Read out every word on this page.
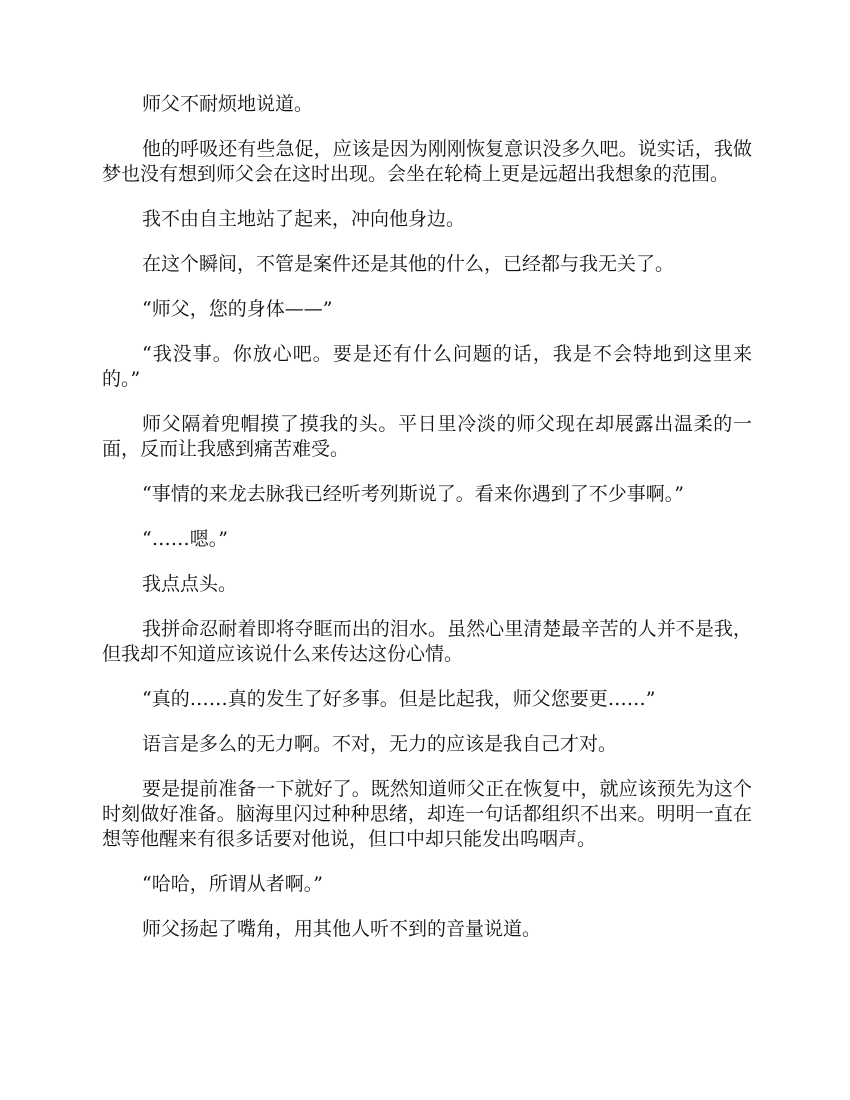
师父不耐烦地说道。

他的呼吸还有些急促，应该是因为刚刚恢复意识没多久吧。说实话，我做梦也没有想到师父会在这时出现。会坐在轮椅上更是远超出我想象的范围。

我不由自主地站了起来，冲向他身边。

在这个瞬间，不管是案件还是其他的什么，已经都与我无关了。

“师父，您的身体——”

“我没事。你放心吧。要是还有什么问题的话，我是不会特地到这里来的。”

师父隔着兜帽摸了摸我的头。平日里冷淡的师父现在却展露出温柔的一面，反而让我感到痛苦难受。

“事情的来龙去脉我已经听考列斯说了。看来你遇到了不少事啊。”

“……嗯。”

我点点头。

我拼命忍耐着即将夺眶而出的泪水。虽然心里清楚最辛苦的人并不是我，但我却不知道应该说什么来传达这份心情。

“真的……真的发生了好多事。但是比起我，师父您要更……”

语言是多么的无力啊。不对，无力的应该是我自己才对。

要是提前准备一下就好了。既然知道师父正在恢复中，就应该预先为这个时刻做好准备。脑海里闪过种种思绪，却连一句话都组织不出来。明明一直在想等他醒来有很多话要对他说，但口中却只能发出呜咽声。

“哈哈，所谓从者啊。”

师父扬起了嘴角，用其他人听不到的音量说道。
